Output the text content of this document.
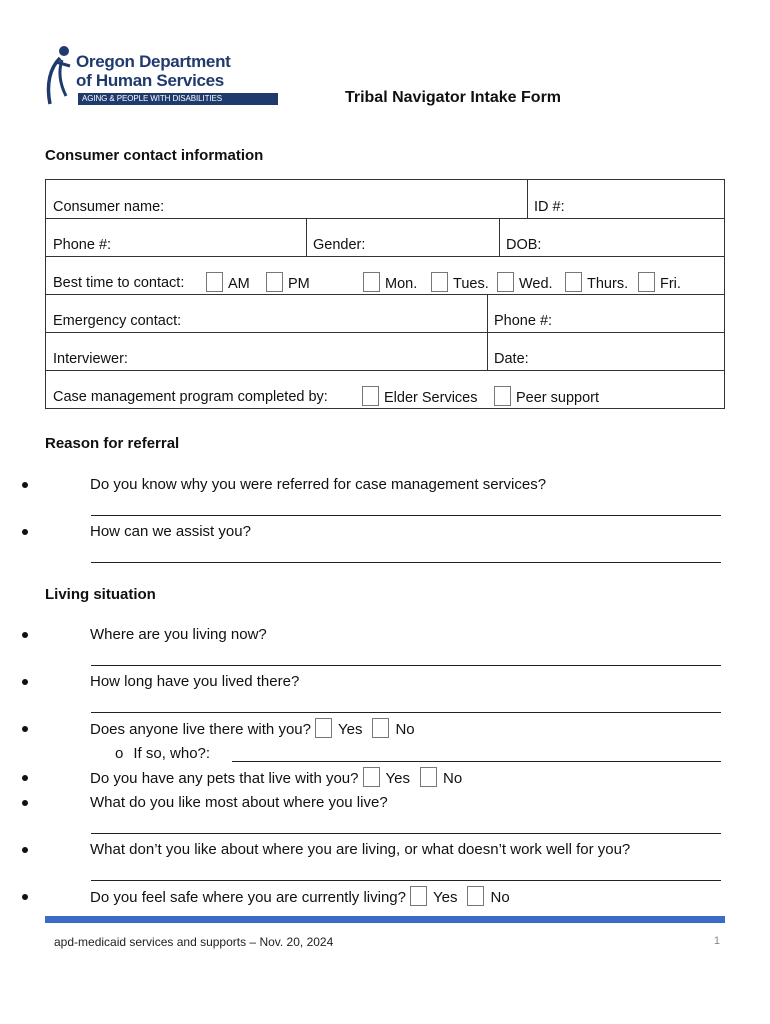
Oregon Department
of Human Services
AGING & PEOPLE WITH DISABILITIES	Tribal Navigator Intake Form
Consumer contact information
Consumer name:	ID #:
Phone #:	Gender:	DOB:
Best time to contact:	AM	PM	Mon. Tues. Wed. Thurs. Fri.
Emergency contact:	Phone #:
Interviewer:	Date:
Case management program completed by:	Elder Services	Peer support
Reason for referral
Do you know why you were referred for case management services?
How can we assist you?
Living situation
Where are you living now?
How long have you lived there?
Does anyone live there with you? Yes No
o If so, who?:
Do you have any pets that live with you? Yes No
What do you like most about where you live?
What don’t you like about where you are living, or what doesn’t work well for you?
Do you feel safe where you are currently living? Yes No
apd-medicaid services and supports – Nov. 20, 2024	1
